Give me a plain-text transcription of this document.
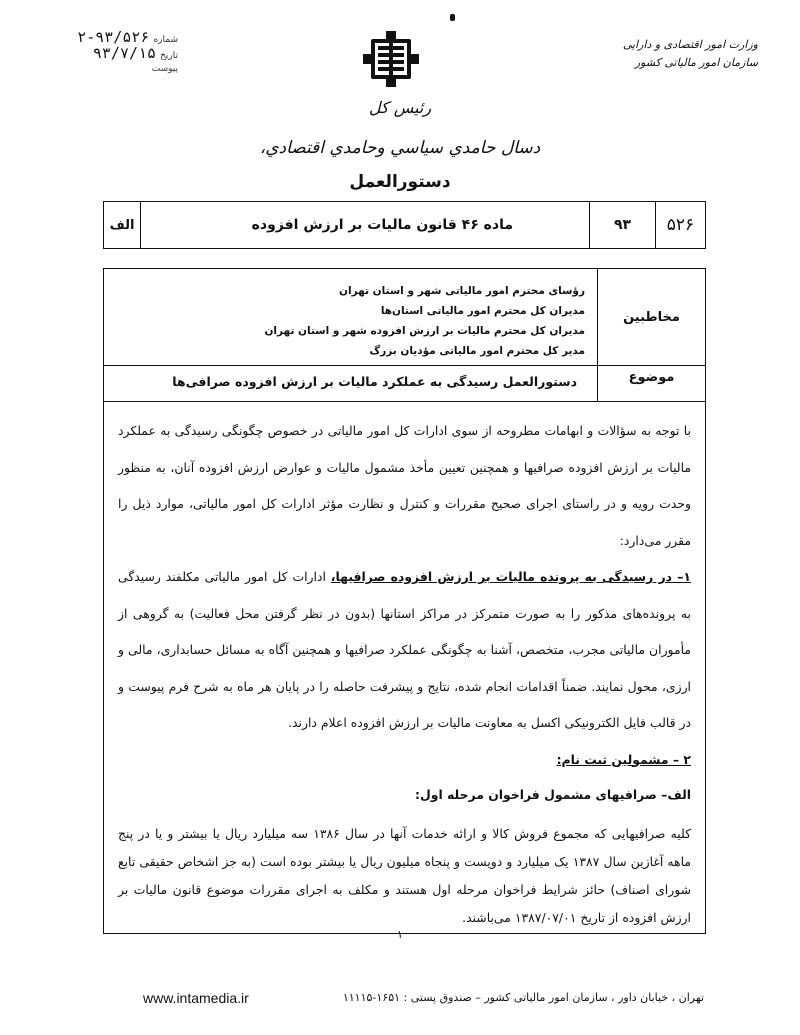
شماره
۲-۹۳/۵۲۶
تاریخ
۹۳/۷/۱۵
پیوست
وزارت امور اقتصادی و دارایی
سازمان امور مالیاتی کشور
رئیس کل
دسال حامدي سياسي وحامدي اقتصادي،
دستورالعمل
۵۲۶
۹۳
ماده ۴۶ قانون مالیات بر ارزش افزوده
الف
مخاطبين
رؤسای محترم امور مالیاتی شهر و استان تهران
مدیران کل محترم امور مالیاتی استان‌ها
مدیران کل محترم مالیات بر ارزش افزوده شهر و استان تهران
مدیر کل محترم امور مالیاتی مؤدیان بزرگ
موضوع
دستورالعمل رسیدگی به عملکرد مالیات بر ارزش افزوده صرافی‌ها

با توجه به سؤالات و ابهامات مطروحه از سوی ادارات کل امور مالیاتی در خصوص چگونگی رسیدگی به عملکرد مالیات بر ارزش افزوده صرافیها و همچنین تعیین مأخذ مشمول مالیات و عوارض ارزش افزوده آنان، به منظور وحدت رویه و در راستای اجرای صحیح مقررات و کنترل و نظارت مؤثر ادارات کل امور مالیاتی، موارد ذیل را مقرر می‌دارد:

۱– در رسیدگی به پرونده مالیات بر ارزش افزوده صرافیها، ادارات کل امور مالیاتی مکلفند رسیدگی به پرونده‌های مذکور را به صورت متمرکز در مراکز استانها (بدون در نظر گرفتن محل فعالیت) به گروهی از مأموران مالیاتی مجرب، متخصص، آشنا به چگونگی عملکرد صرافیها و همچنین آگاه به مسائل حسابداری، مالی و ارزی، محول نمایند. ضمناً اقدامات انجام شده، نتایج و پیشرفت حاصله را در پایان هر ماه به شرح فرم پیوست و در قالب فایل الکترونیکی اکسل به معاونت مالیات بر ارزش افزوده اعلام دارند.

۲ – مشمولین ثبت نام:

الف– صرافیهای مشمول فراخوان مرحله اول:

کلیه صرافیهایی که مجموع فروش کالا و ارائه خدمات آنها در سال ۱۳۸۶ سه میلیارد ریال یا بیشتر و یا در پنج ماهه آغازین سال ۱۳۸۷ یک میلیارد و دویست و پنجاه میلیون ریال یا بیشتر بوده است (به جز اشخاص حقیقی تابع شورای اصناف) حائز شرایط فراخوان مرحله اول هستند و مکلف به اجرای مقررات موضوع قانون مالیات بر ارزش افزوده از تاریخ ۱۳۸۷/۰۷/۰۱ می‌باشند.

۱
www.intamedia.ir	تهران ، خیابان داور ، سازمان امور مالیاتی کشور – صندوق پستی : ۱۶۵۱-۱۱۱۱۵
